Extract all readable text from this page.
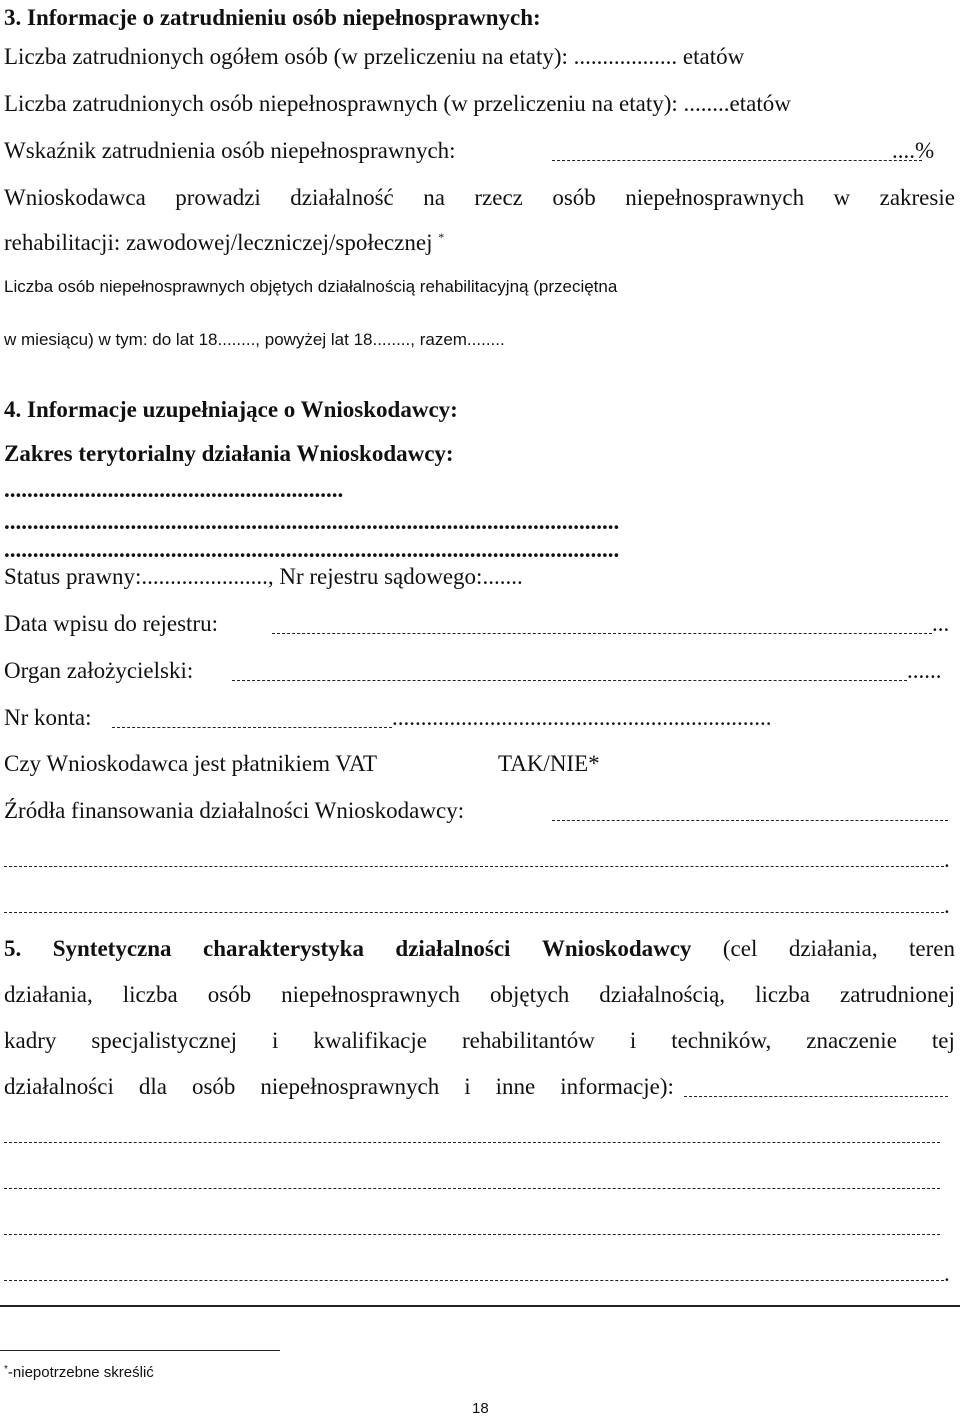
3. Informacje o zatrudnieniu osób niepełnosprawnych:
Liczba zatrudnionych ogółem osób (w przeliczeniu na etaty): .................. etatów
Liczba zatrudnionych osób niepełnosprawnych (w przeliczeniu na etaty): ........etatów
Wskaźnik zatrudnienia osób niepełnosprawnych:	....%
Wnioskodawca prowadzi działalność na rzecz osób niepełnosprawnych w zakresie
rehabilitacji: zawodowej/leczniczej/społecznej *
Liczba osób niepełnosprawnych objętych działalnością rehabilitacyjną (przeciętna
w miesiącu) w tym: do lat 18........, powyżej lat 18........, razem........
4. Informacje uzupełniające o Wnioskodawcy:
Zakres terytorialny działania Wnioskodawcy:
...........................................................
...........................................................................................................
...........................................................................................................
Status prawny:......................, Nr rejestru sądowego:.......
Data wpisu do rejestru:	...
Organ założycielski:	......
Nr konta:	..................................................................
Czy Wnioskodawca jest płatnikiem VAT	TAK/NIE*
Źródła finansowania działalności Wnioskodawcy:
.
.
5. Syntetyczna charakterystyka działalności Wnioskodawcy (cel działania, teren
działania, liczba osób niepełnosprawnych objętych działalnością, liczba zatrudnionej
kadry specjalistycznej i kwalifikacje rehabilitantów i techników, znaczenie tej
działalności dla osób niepełnosprawnych i inne informacje):
.
*-niepotrzebne skreślić
18
